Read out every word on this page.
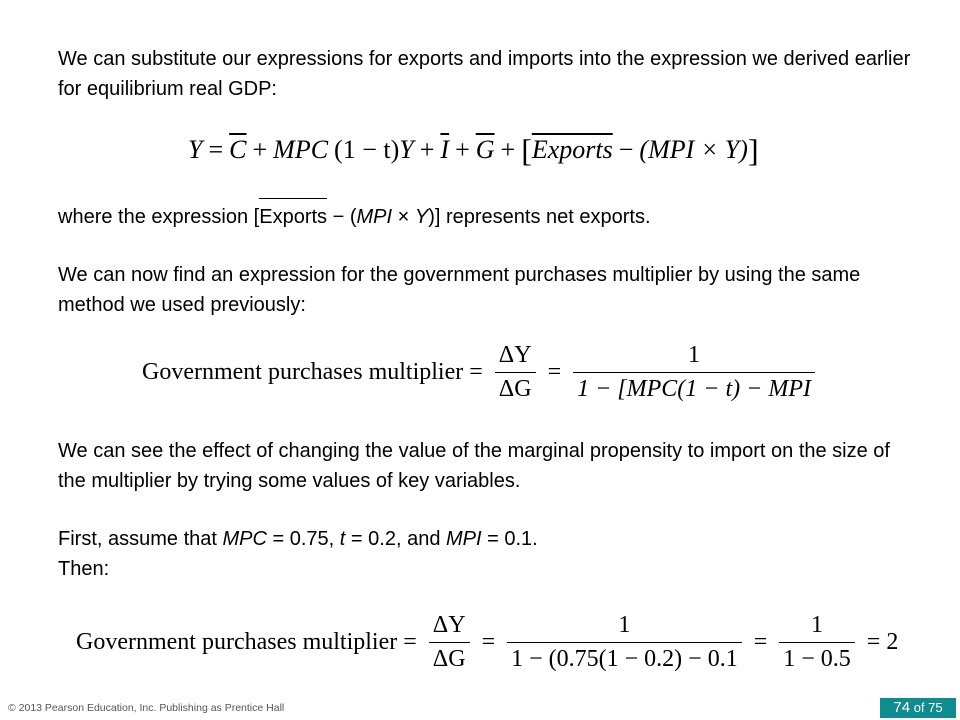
We can substitute our expressions for exports and imports into the expression we derived earlier for equilibrium real GDP:

$Y = \overline{C}$ + MPC (1 − t) $Y + \overline{I} + \overline{G}$ + [ Exports − (MPI × Y) ]

where the expression [Exports − (MPI × Y)] represents net exports.

We can now find an expression for the government purchases multiplier by using the same method we used previously:

Government purchases multiplier = $\frac{\Delta Y}{\Delta G} = \frac{1}{\text{1 − [MPC(1 − t) − MPI}}$

We can see the effect of changing the value of the marginal propensity to import on the size of the multiplier by trying some values of key variables.

First, assume that MPC = 0.75, t = 0.2, and MPI = 0.1.
Then:

Government purchases multiplier = $\frac{\Delta Y}{\Delta G} = \frac{1}{1 - (0.75(1 - 0.2) - 0.1} = \frac{1}{1 - 0.5} = 2$
© 2013 Pearson Education, Inc. Publishing as Prentice Hall	74 of 75
